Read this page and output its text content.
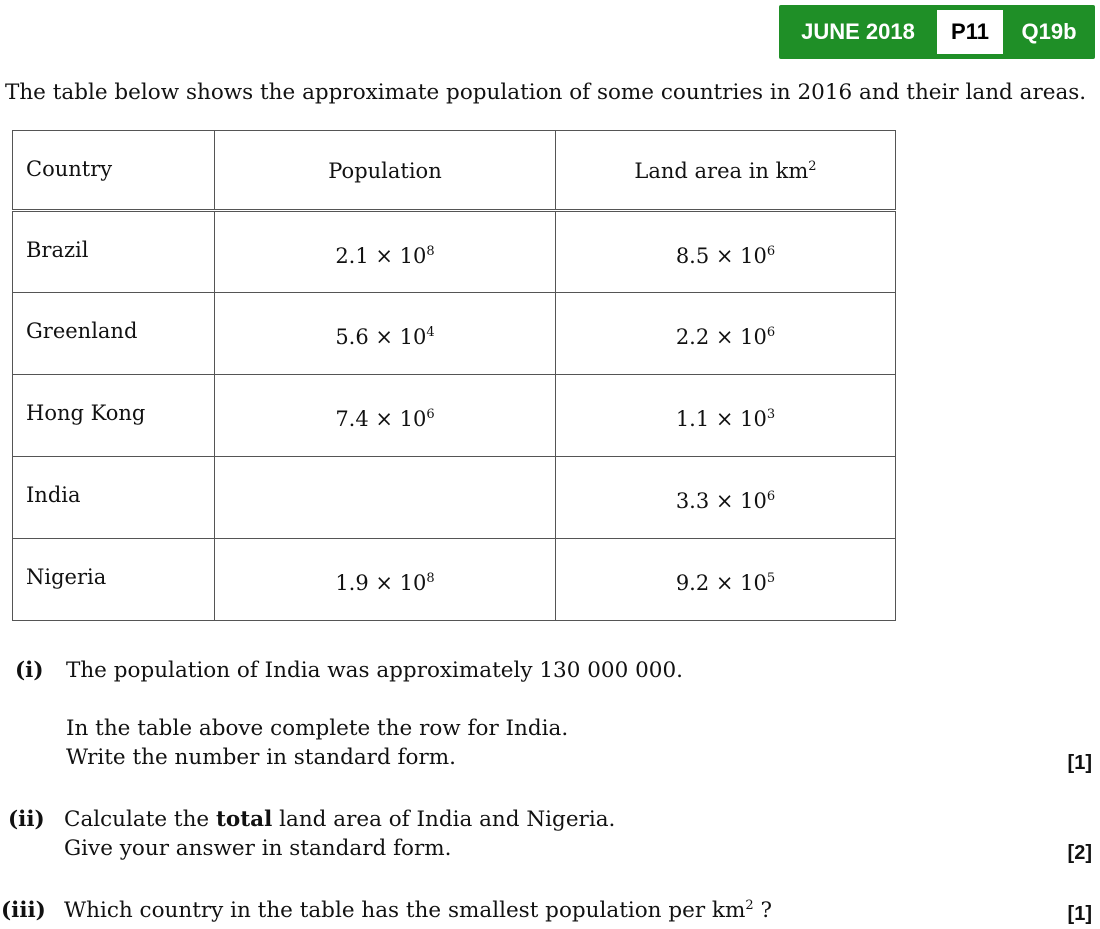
JUNE 2018	P11	Q19b
The table below shows the approximate population of some countries in 2016 and their land areas.
Country	Population	Land area in $km^2$
Brazil	$2.1 \times 10^8$	$8.5 \times 10^6$
Greenland	$5.6 \times 10^4$	$2.2 \times 10^6$
Hong Kong	$7.4 \times 10^6$	$1.1 \times 10^3$
India		$3.3 \times 10^6$
Nigeria	$1.9 \times 10^8$	$9.2 \times 10^5$
(i) The population of India was approximately 130 000 000.
In the table above complete the row for India.
Write the number in standard form.	[1]
(ii) Calculate the total land area of India and Nigeria.
Give your answer in standard form.	[2]
(iii) Which country in the table has the smallest population per $km^2$ ?	[1]
